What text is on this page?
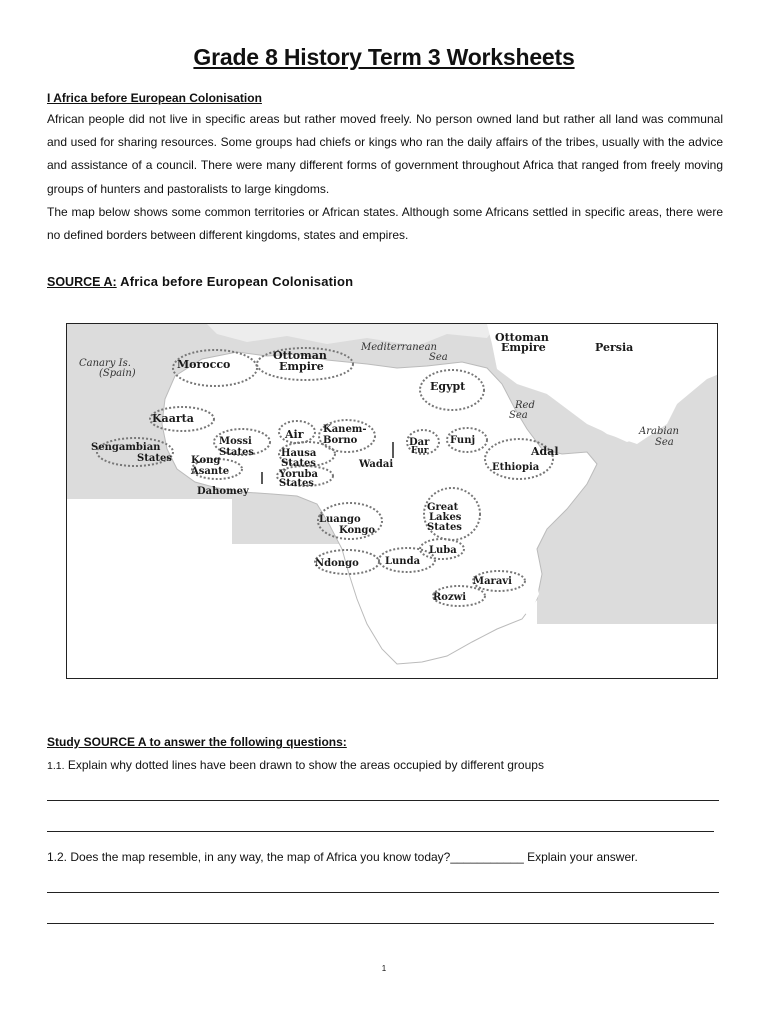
Grade 8 History Term 3 Worksheets
I Africa before European Colonisation

African people did not live in specific areas but rather moved freely. No person owned land but rather all land was communal and used for sharing resources. Some groups had chiefs or kings who ran the daily affairs of the tribes, usually with the advice and assistance of a council. There were many different forms of government throughout Africa that ranged from freely moving groups of hunters and pastoralists to large kingdoms.

The map below shows some common territories or African states. Although some Africans settled in specific areas, there were no defined borders between different kingdoms, states and empires.

SOURCE A: Africa before European Colonisation
Canary Is.
(Spain)
Morocco
Ottoman
Empire
Mediterranean
Sea
Ottoman
Empire	Persia
Egypt
Red
Sea
Arabian
Sea
Kaarta
Sengambian
States
Mossi
States
Air Kanem-
Borno	Dar
Fur
Funj
Adal
Kong
Hausa
States	Wadai	Ethiopia
Asante	Yoruba
States
Dahomey
Great
Lakes
States
Luango
Kongo
Luba
Ndongo	Lunda
Maravi
Rozwi
Study SOURCE A to answer the following questions:
1.1. Explain why dotted lines have been drawn to show the areas occupied by different groups
1.2. Does the map resemble, in any way, the map of Africa you know today?___________ Explain your answer.
1
